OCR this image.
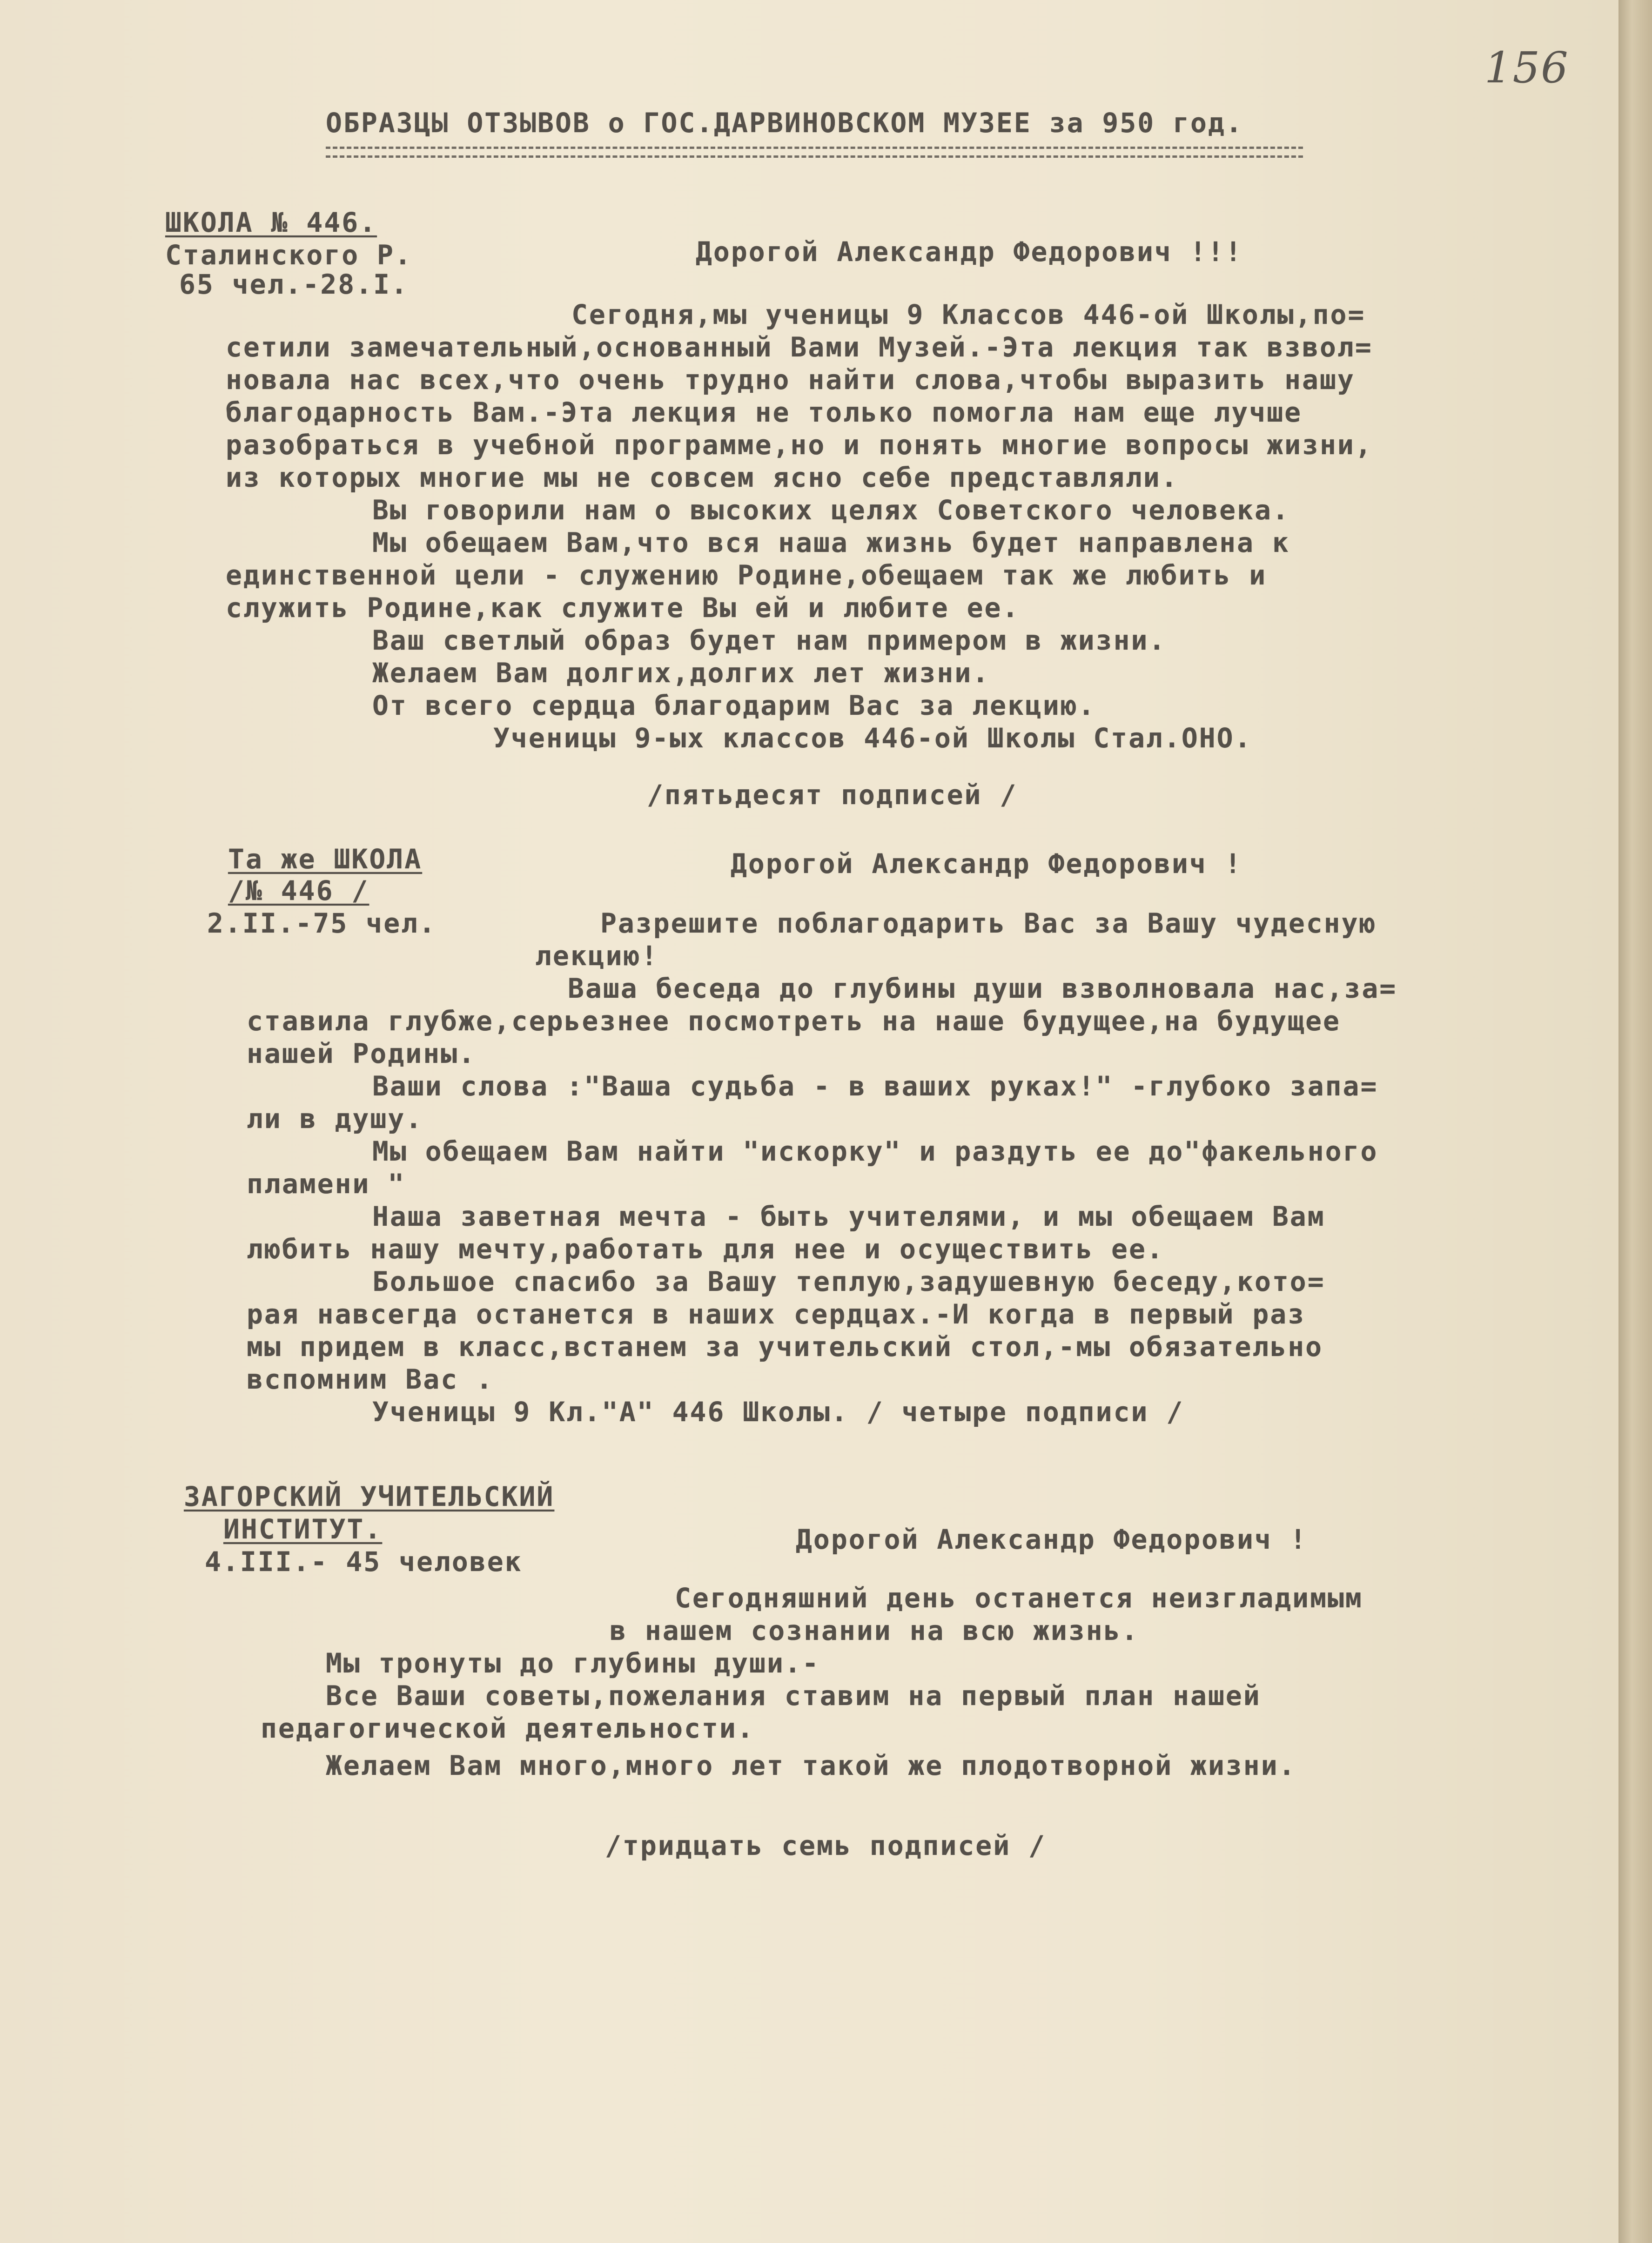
156
ОБРАЗЦЫ ОТЗЫВОВ о ГОС.ДАРВИНОВСКОМ МУЗЕЕ за 950 год.
ШКОЛА № 446.
Сталинского Р.
65 чел.-28.I.
Дорогой Александр Федорович !!!
Сегодня,мы ученицы 9 Классов 446-ой Школы,по=
сетили замечательный,основанный Вами Музей.-Эта лекция так взвол=
новала нас всех,что очень трудно найти слова,чтобы выразить нашу
благодарность Вам.-Эта лекция не только помогла нам еще лучше
разобраться в учебной программе,но и понять многие вопросы жизни,
из которых многие мы не совсем ясно себе представляли.
Вы говорили нам о высоких целях Советского человека.
Мы обещаем Вам,что вся наша жизнь будет направлена к
единственной цели - служению Родине,обещаем так же любить и
служить Родине,как служите Вы ей и любите ее.
Ваш светлый образ будет нам примером в жизни.
Желаем Вам долгих,долгих лет жизни.
От всего сердца благодарим Вас за лекцию.
Ученицы 9-ых классов 446-ой Школы Стал.ОНО.
/пятьдесят подписей /
Та же ШКОЛА
/№ 446 /
2.II.-75 чел.
Дорогой Александр Федорович !
Разрешите поблагодарить Вас за Вашу чудесную
лекцию!
Ваша беседа до глубины души взволновала нас,за=
ставила глубже,серьезнее посмотреть на наше будущее,на будущее
нашей Родины.
Ваши слова :"Ваша судьба - в ваших руках!" -глубоко запа=
ли в душу.
Мы обещаем Вам найти "искорку" и раздуть ее до"факельного
пламени "
Наша заветная мечта - быть учителями, и мы обещаем Вам
любить нашу мечту,работать для нее и осуществить ее.
Большое спасибо за Вашу теплую,задушевную беседу,кото=
рая навсегда останется в наших сердцах.-И когда в первый раз
мы придем в класс,встанем за учительский стол,-мы обязательно
вспомним Вас .
Ученицы 9 Кл."А" 446 Школы. / четыре подписи /
ЗАГОРСКИЙ УЧИТЕЛЬСКИЙ
ИНСТИТУТ.
4.III.- 45 человек
Дорогой Александр Федорович !
Сегодняшний день останется неизгладимым
в нашем сознании на всю жизнь.
Мы тронуты до глубины души.-
Все Ваши советы,пожелания ставим на первый план нашей
педагогической деятельности.
Желаем Вам много,много лет такой же плодотворной жизни.
/тридцать семь подписей /
